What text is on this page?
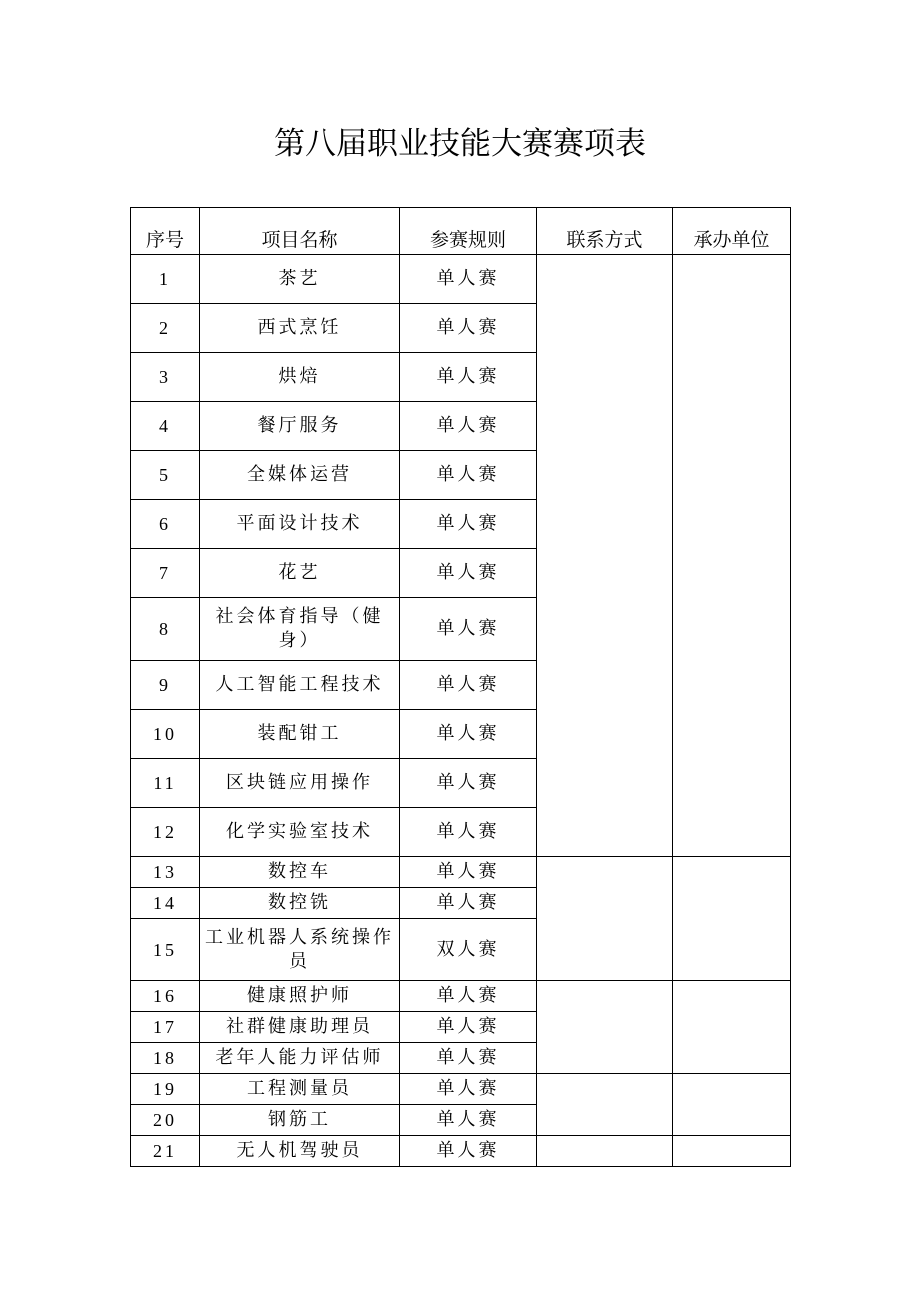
第八届职业技能大赛赛项表
序号	项目名称	参赛规则	联系方式	承办单位
1	茶艺	单人赛		
2	西式烹饪	单人赛		
3	烘焙	单人赛		
4	餐厅服务	单人赛		
5	全媒体运营	单人赛		
6	平面设计技术	单人赛		
7	花艺	单人赛		
8	社会体育指导（健身）	单人赛		
9	人工智能工程技术	单人赛		
10	装配钳工	单人赛		
11	区块链应用操作	单人赛		
12	化学实验室技术	单人赛		
13	数控车	单人赛		
14	数控铣	单人赛		
15	工业机器人系统操作员	双人赛		
16	健康照护师	单人赛		
17	社群健康助理员	单人赛		
18	老年人能力评估师	单人赛		
19	工程测量员	单人赛		
20	钢筋工	单人赛		
21	无人机驾驶员	单人赛		
